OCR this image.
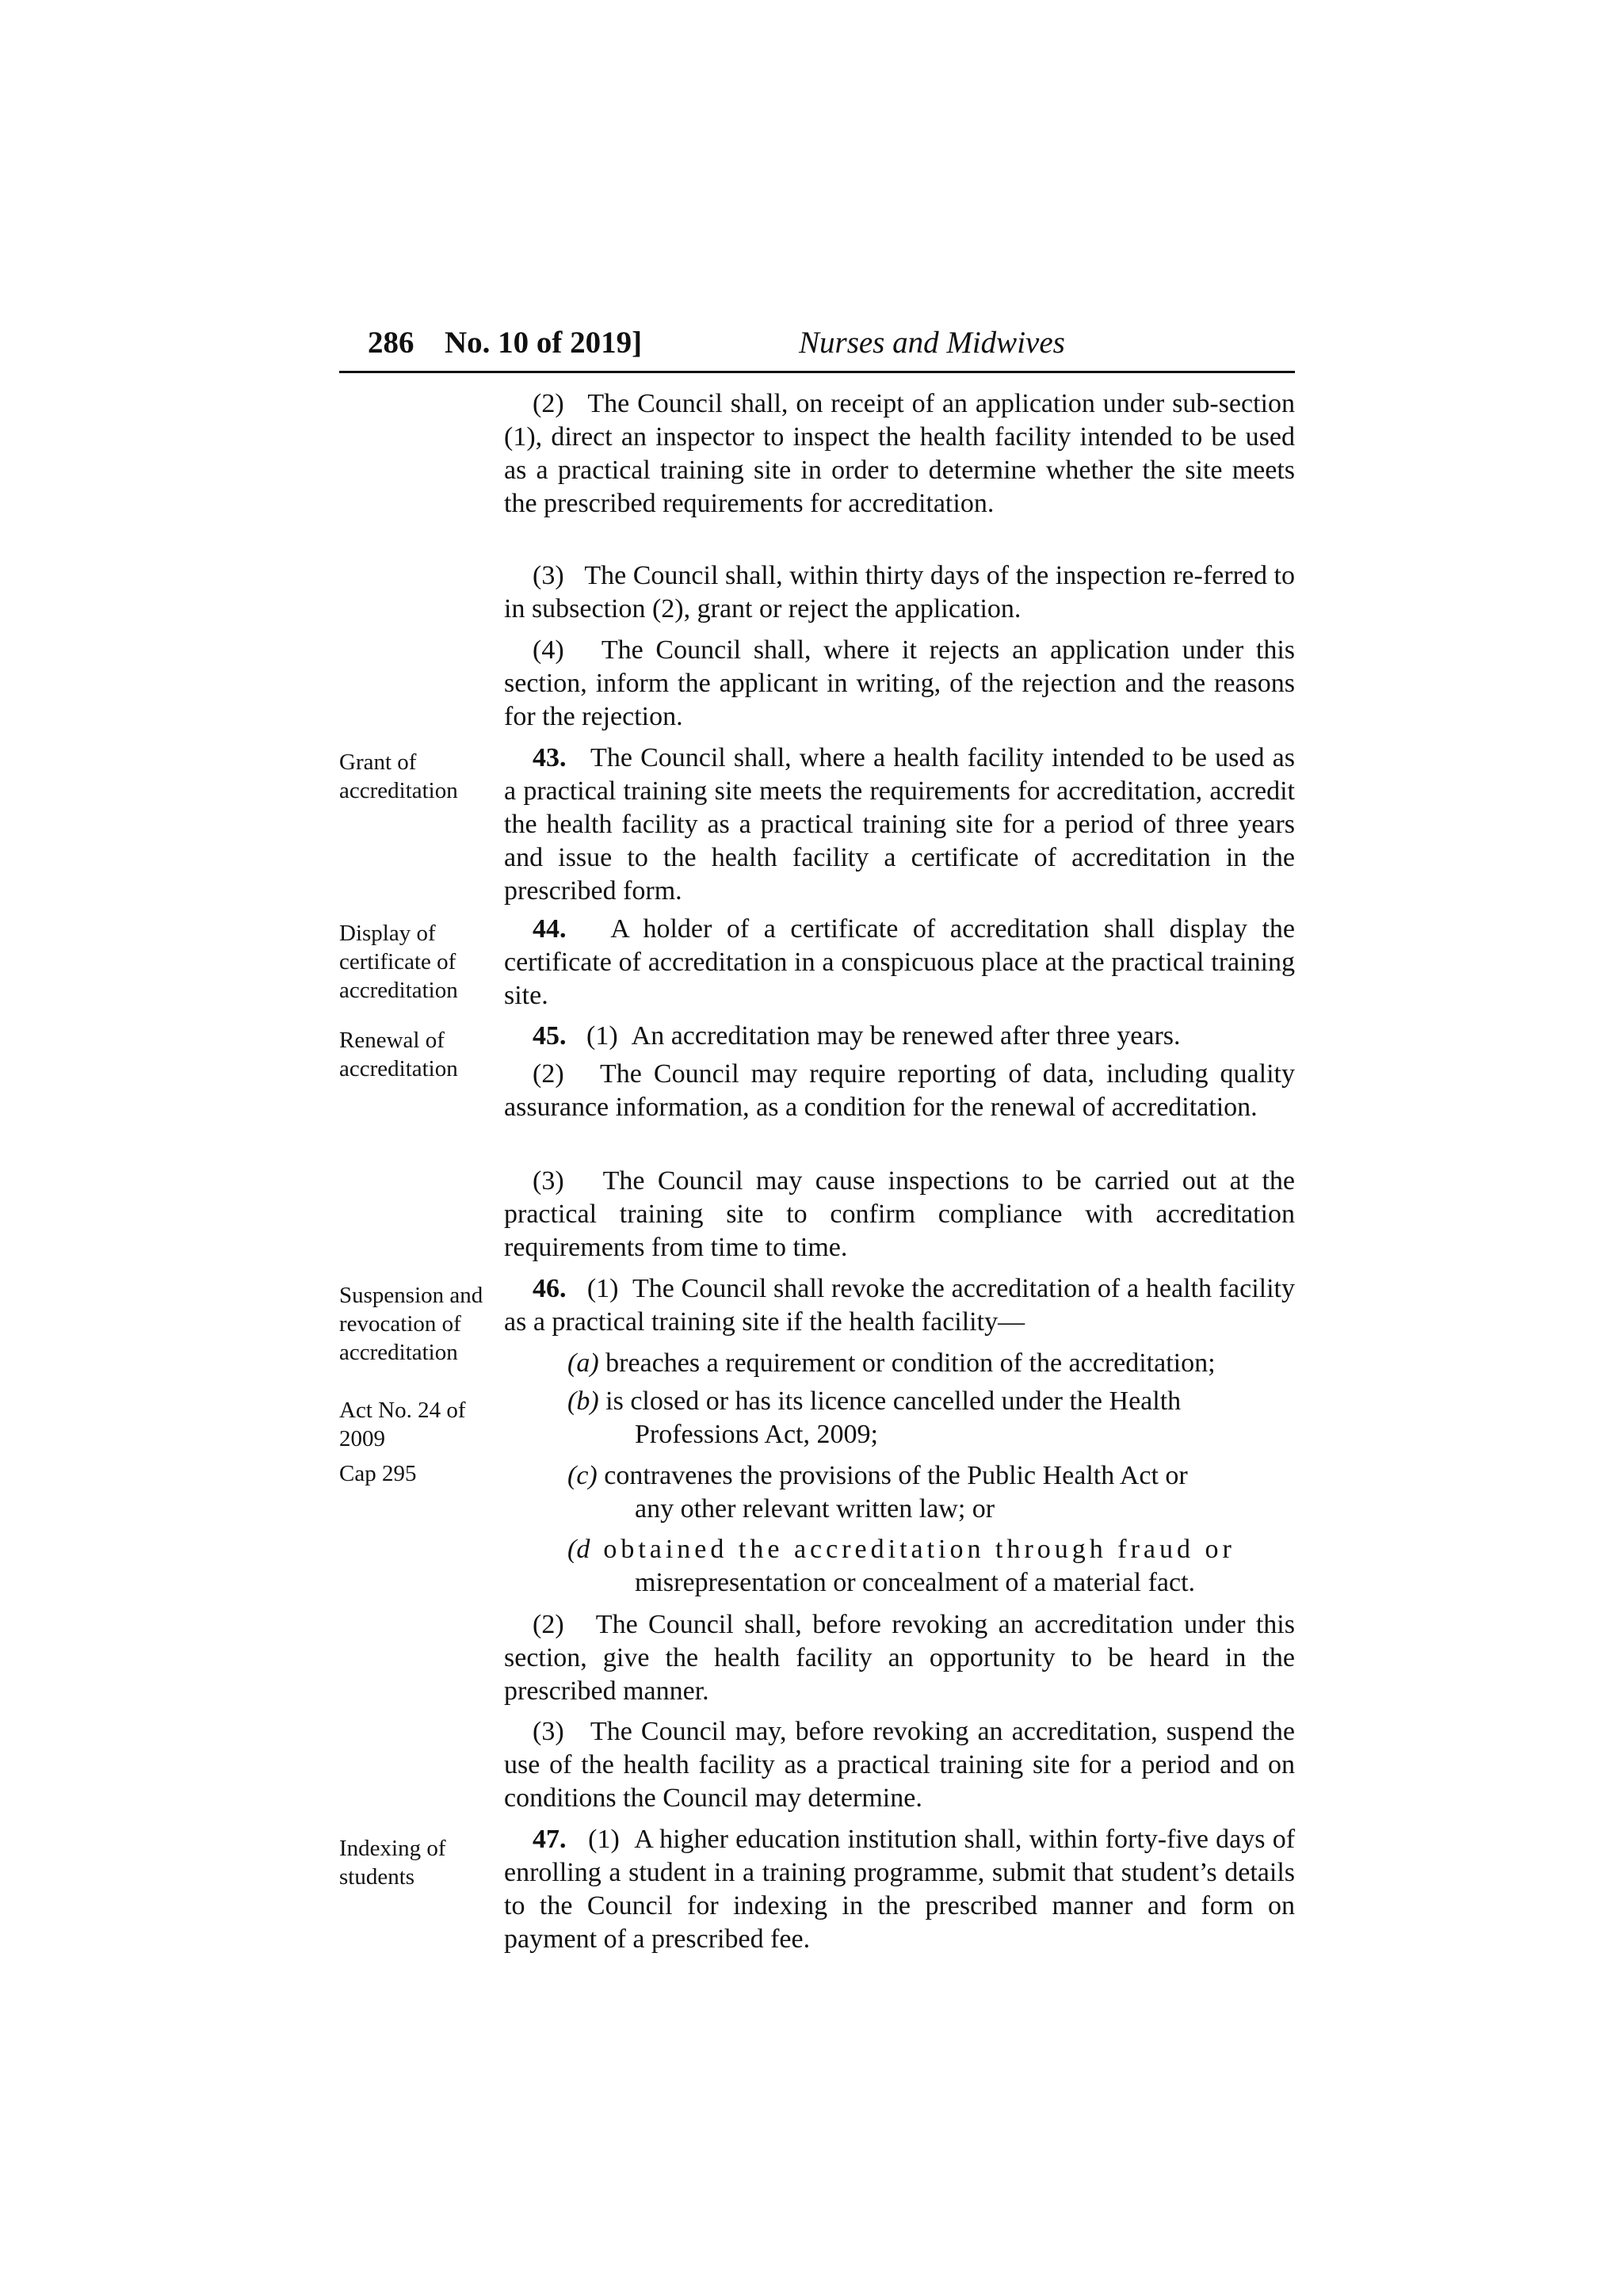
286 No. 10 of 2019]	Nurses and Midwives
Grant of accreditation
Display of certificate of accreditation
Renewal of accreditation
Suspension and revocation of accreditation
Act No. 24 of 2009
Cap 295
Indexing of students
(2)   The Council shall, on receipt of an application under sub-section (1), direct an inspector to inspect the health facility intended to be used as a practical training site in order to determine whether the site meets the prescribed requirements for accreditation.
(3)   The Council shall, within thirty days of the inspection re-ferred to in subsection (2), grant or reject the application.
(4)   The Council shall, where it rejects an application under this section, inform the applicant in writing, of the rejection and the reasons for the rejection.
43. The Council shall, where a health facility intended to be used as a practical training site meets the requirements for accreditation, accredit the health facility as a practical training site for a period of three years and issue to the health facility a certificate of accreditation in the prescribed form.
44. A holder of a certificate of accreditation shall display the certificate of accreditation in a conspicuous place at the practical training site.
45. (1)  An accreditation may be renewed after three years.
(2)   The Council may require reporting of data, including quality assurance information, as a condition for the renewal of accreditation.
(3)   The Council may cause inspections to be carried out at the practical training site to confirm compliance with accreditation requirements from time to time.
46. (1)  The Council shall revoke the accreditation of a health facility as a practical training site if the health facility—
(a) breaches a requirement or condition of the accreditation;
(b) is closed or has its licence cancelled under the Health
Professions Act, 2009;
(c) contravenes the provisions of the Public Health Act or
any other relevant written law; or
(d obtained the accreditation through fraud or
misrepresentation or concealment of a material fact.
(2)   The Council shall, before revoking an accreditation under this section, give the health facility an opportunity to be heard in the prescribed manner.
(3)   The Council may, before revoking an accreditation, suspend the use of the health facility as a practical training site for a period and on conditions the Council may determine.
47. (1)  A higher education institution shall, within forty-five days of enrolling a student in a training programme, submit that student’s details to the Council for indexing in the prescribed manner and form on payment of a prescribed fee.
